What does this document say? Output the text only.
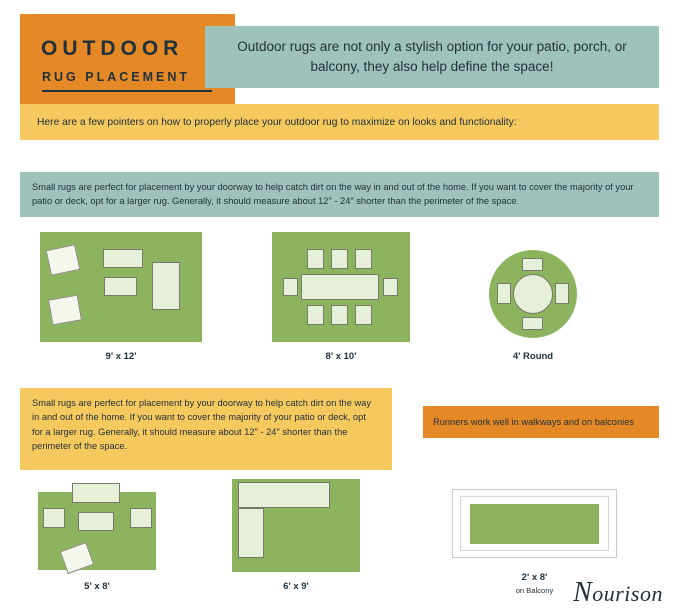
OUTDOOR
RUG PLACEMENT
Outdoor rugs are not only a stylish option for your patio, porch, or balcony, they also help define the space!
Here are a few pointers on how to properly place your outdoor rug to maximize on looks and functionality:
Small rugs are perfect for placement by your doorway to help catch dirt on the way in and out of the home. If you want to cover the majority of your patio or deck, opt for a larger rug. Generally, it should measure about 12" - 24" shorter than the perimeter of the space.
9' x 12'	8' x 10'	4' Round
Small rugs are perfect for placement by your doorway to help catch dirt on the way in and out of the home. If you want to cover the majority of your patio or deck, opt for a larger rug. Generally, it should measure about 12" - 24" shorter than the perimeter of the space.
Runners work well in walkways and on balconies
5' x 8'	6' x 9'
2' x 8'
on Balcony Nourison
